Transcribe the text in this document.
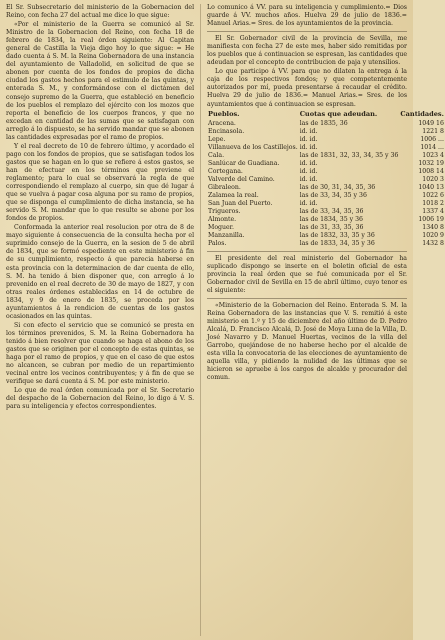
El Sr. Subsecretario del ministerio de la Gobernacion del Reino, con fecha 27 del actual me dice lo que sigue:

«Por el ministerio de la Guerra se comunicó al Sr. Ministro de la Gobernacion del Reino, con fecha 18 de febrero de 1834, la real órden siguiente: Al Capitan general de Castilla la Vieja digo hoy lo que sigue: = He dado cuenta á S. M. la Reina Gobernadora de una instancia del ayuntamiento de Valladolid, en solicitud de que se abonen por cuenta de los fondos de propios de dicha ciudad los gastos hechos para el estimulo de las quintas, y enterada S. M., y conformándose con el dictámen del consejo supremo de la Guerra, que estableció en beneficio de los pueblos el remplazo del ejército con los mozos que reporta el beneficio de los cuerpos francos, y que no excedan en cantidad de las sumas que se satisfagan con arreglo á lo dispuesto, se ha servido mandar que se abonen las cantidades expresadas por el ramo de propios.

Y el real decreto de 10 de febrero último, y acordado el pago con los fondos de propios, que se satisfagan todos los gastos que se hagan en lo que se refiere á estos gastos, se han de efectuar en los términos que previene el reglamento; para lo cual se observará la regla de que correspondiendo el remplazo al cuerpo, sin que dé lugar á que se vuelva á pagar cosa alguna por su ramo de propios, que se disponga el cumplimiento de dicha instancia, se ha servido S. M. mandar que lo que resulte se abone por los fondos de propios.

Conformada la anterior real resolucion por otra de 8 de mayo siguiente á consecuencia de la consulta hecha por el suprimido consejo de la Guerra, en la sesion de 5 de abril de 1834, que se formó espediente en este ministerio á fin de su cumplimiento, respecto á que parecia haberse en esta provincia con la determinacion de dar cuenta de ello, S. M. ha tenido á bien disponer que, con arreglo á lo prevenido en el real decreto de 30 de mayo de 1827, y con otras reales órdenes establecidas en 14 de octubre de 1834, y 9 de enero de 1835, se proceda por los ayuntamientos á la rendicion de cuentas de los gastos ocasionados en las quintas.

Si con efecto el servicio que se comunicó se presta en los términos prevenidos, S. M. la Reina Gobernadora ha tenido á bien resolver que cuando se haga el abono de los gastos que se originen por el concepto de estas quintas, se haga por el ramo de propios, y que en el caso de que estos no alcancen, se cubran por medio de un repartimiento vecinal entre los vecinos contribuyentes; y á fin de que se verifique se dará cuenta á S. M. por este ministerio.

Lo que de real órden comunicada por el Sr. Secretario del despacho de la Gobernacion del Reino, lo digo á V. S. para su inteligencia y efectos correspondientes.

Lo comunico á VV. para su inteligencia y cumplimiento.= Dios guarde á VV. muchos años. Huelva 29 de julio de 1836.= Manuel Arias.= Sres. de los ayuntamientos de la provincia.

El Sr. Gobernador civil de la provincia de Sevilla, me manifiesta con fecha 27 de este mes, haber sido remitidas por los pueblos que á continuacion se espresan, las cantidades que adeudan por el concepto de contribucion de paja y utensilios.

Lo que participo á VV. para que no dilaten la entrega á la caja de los respectivos fondos; y que competentemente autorizados por mí, pueda presentarse á recaudar el crédito. Huelva 29 de julio de 1836.= Manuel Arias.= Sres. de los ayuntamientos que á continuacion se espresan.

Pueblos.	Cuotas que adeudan.	Cantidades.
Aracena.	las de 1835, 36	1049 16
Encinasola.	id. id.	1221 8
Lepe.	id. id.	1006 ...
Villanueva de los Castillejos.	id. id.	1014 ...
Cala.	las de 1831, 32, 33, 34, 35 y 36	1023 4
Sanlúcar de Guadiana.	id. id.	1032 19
Cortegana.	id. id.	1008 14
Valverde del Camino.	id. id.	1020 3
Gibraleon.	las de 30, 31, 34, 35, 36	1040 13
Zalamea la real.	las de 33, 34, 35 y 36	1022 6
San Juan del Puerto.	id. id.	1018 2
Trigueros.	las de 33, 34, 35, 36	1337 4
Almonte.	las de 1834, 35 y 36	1006 19
Moguer.	las de 31, 33, 35, 36	1340 8
Manzanilla.	las de 1832, 33, 35 y 36	1020 9
Palos.	las de 1833, 34, 35 y 36	1432 8

El presidente del real ministerio del Gobernador ha suplicado dispongo se inserte en el boletin oficial de esta provincia la real órden que se fué comunicada por el Sr. Gobernador civil de Sevilla en 15 de abril último, cuyo tenor es el siguiente:

«Ministerio de la Gobernacion del Reino. Enterada S. M. la Reina Gobernadora de las instancias que V. S. remitió á este ministerio en 1.º y 15 de diciembre del año último de D. Pedro Alcalá, D. Francisco Alcalá, D. José de Moya Luna de la Villa, D. José Navarro y D. Manuel Huertas, vecinos de la villa del Garrobo, quejándose de no haberse hecho por el alcalde de esta villa la convocatoria de las elecciones de ayuntamiento de aquella villa, y pidiendo la nulidad de las últimas que se hicieron se apruebe á los cargos de alcalde y procurador del comun.
